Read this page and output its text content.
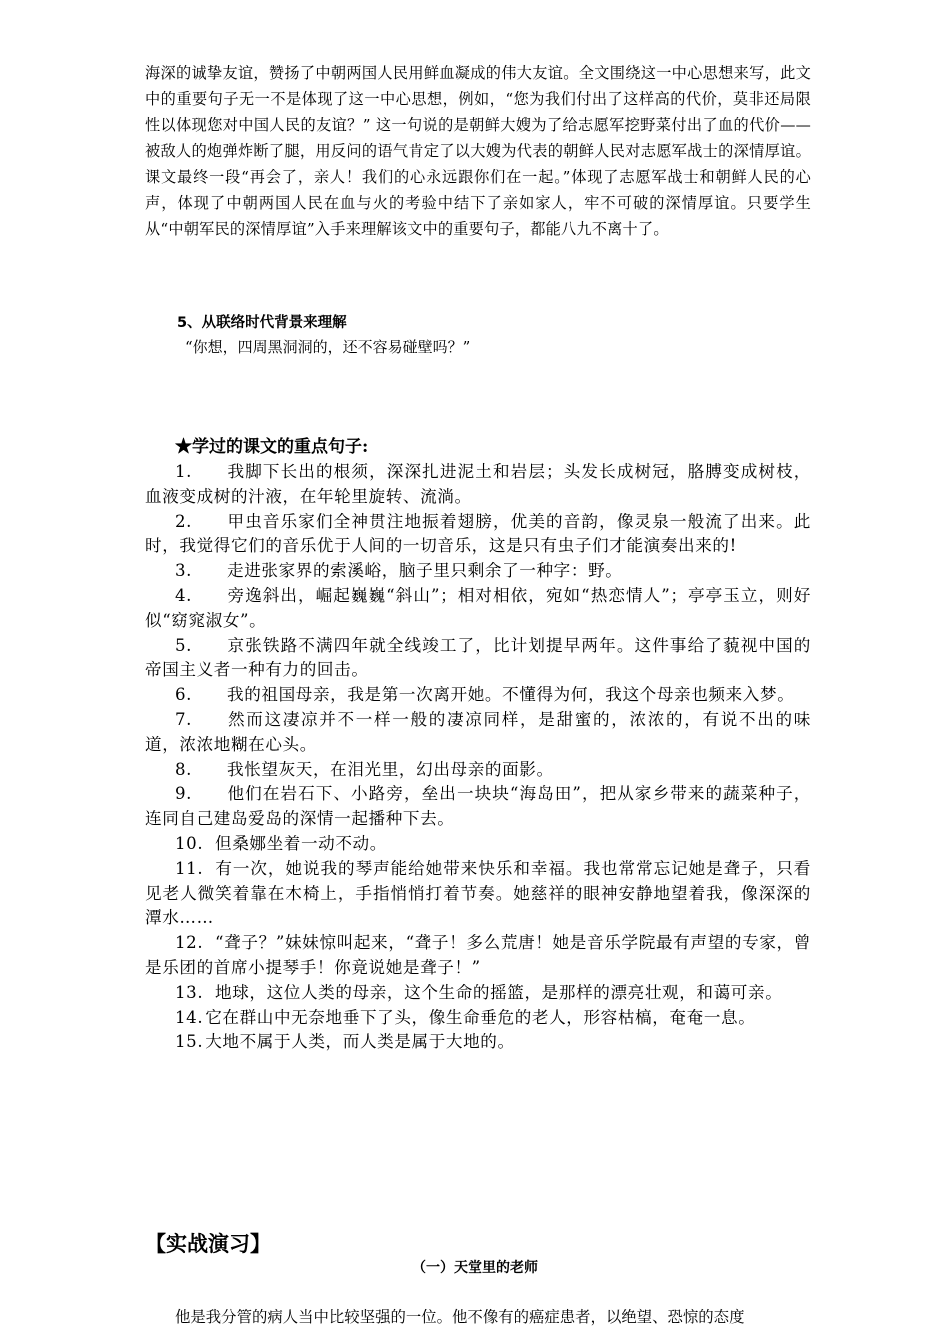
海深的诚挚友谊，赞扬了中朝两国人民用鲜血凝成的伟大友谊。全文围绕这一中心思想来写，此文中的重要句子无一不是体现了这一中心思想，例如，“您为我们付出了这样高的代价，莫非还局限性以体现您对中国人民的友谊？” 这一句说的是朝鲜大嫂为了给志愿军挖野菜付出了血的代价——被敌人的炮弹炸断了腿，用反问的语气肯定了以大嫂为代表的朝鲜人民对志愿军战士的深情厚谊。课文最终一段“再会了，亲人！我们的心永远跟你们在一起。”体现了志愿军战士和朝鲜人民的心声，体现了中朝两国人民在血与火的考验中结下了亲如家人，牢不可破的深情厚谊。只要学生从“中朝军民的深情厚谊”入手来理解该文中的重要句子，都能八九不离十了。

5、从联络时代背景来理解
“你想，四周黑洞洞的，还不容易碰壁吗？”
★学过的课文的重点句子:

1. 我脚下长出的根须，深深扎进泥土和岩层；头发长成树冠，胳膊变成树枝，血液变成树的汁液，在年轮里旋转、流淌。

2. 甲虫音乐家们全神贯注地振着翅膀，优美的音韵，像灵泉一般流了出来。此时，我觉得它们的音乐优于人间的一切音乐，这是只有虫子们才能演奏出来的!

3. 走进张家界的索溪峪，脑子里只剩余了一种字：野。

4. 旁逸斜出，崛起巍巍“斜山”；相对相依，宛如“热恋情人”；亭亭玉立，则好似“窈窕淑女”。

5. 京张铁路不满四年就全线竣工了，比计划提早两年。这件事给了藐视中国的帝国主义者一种有力的回击。

6. 我的祖国母亲，我是第一次离开她。不懂得为何，我这个母亲也频来入梦。

7. 然而这凄凉并不一样一般的凄凉同样，是甜蜜的，浓浓的，有说不出的味道，浓浓地糊在心头。

8. 我怅望灰天，在泪光里，幻出母亲的面影。

9. 他们在岩石下、小路旁，垒出一块块“海岛田”，把从家乡带来的蔬菜种子，连同自己建岛爱岛的深情一起播种下去。

10. 但桑娜坐着一动不动。

11. 有一次，她说我的琴声能给她带来快乐和幸福。我也常常忘记她是聋子，只看见老人微笑着靠在木椅上，手指悄悄打着节奏。她慈祥的眼神安静地望着我，像深深的潭水……

12. “聋子？”妹妹惊叫起来，“聋子！多么荒唐！她是音乐学院最有声望的专家，曾是乐团的首席小提琴手！你竟说她是聋子！”

13. 地球，这位人类的母亲，这个生命的摇篮，是那样的漂亮壮观，和蔼可亲。

14. 它在群山中无奈地垂下了头，像生命垂危的老人，形容枯槁，奄奄一息。

15. 大地不属于人类，而人类是属于大地的。

【实战演习】
（一）天堂里的老师
他是我分管的病人当中比较坚强的一位。他不像有的癌症患者，以绝望、恐惊的态度
